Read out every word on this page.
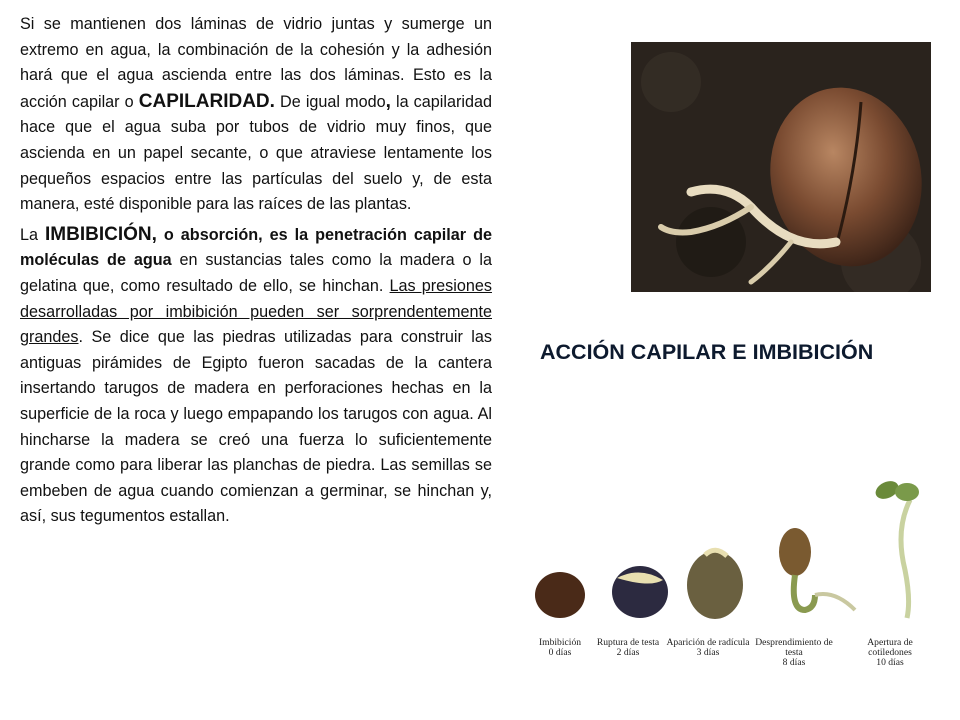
Si se mantienen dos láminas de vidrio juntas y sumerge un extremo en agua, la combinación de la cohesión y la adhesión hará que el agua ascienda entre las dos láminas. Esto es la acción capilar o CAPILARIDAD. De igual modo, la capilaridad hace que el agua suba por tubos de vidrio muy finos, que ascienda en un papel secante, o que atraviese lentamente los pequeños espacios entre las partículas del suelo y, de esta manera, esté disponible para las raíces de las plantas.

La IMBIBICIÓN, o absorción, es la penetración capilar de moléculas de agua en sustancias tales como la madera o la gelatina que, como resultado de ello, se hinchan. Las presiones desarrolladas por imbibición pueden ser sorprendentemente grandes. Se dice que las piedras utilizadas para construir las antiguas pirámides de Egipto fueron sacadas de la cantera insertando tarugos de madera en perforaciones hechas en la superficie de la roca y luego empapando los tarugos con agua. Al hincharse la madera se creó una fuerza lo suficientemente grande como para liberar las planchas de piedra. Las semillas se embeben de agua cuando comienzan a germinar, se hinchan y, así, sus tegumentos estallan.

ACCIÓN CAPILAR E IMBIBICIÓN
Imbibición
0 días
Ruptura de testa
2 días
Aparición de radícula
3 días
Desprendimiento de testa
8 días
Apertura de cotiledones
10 días
